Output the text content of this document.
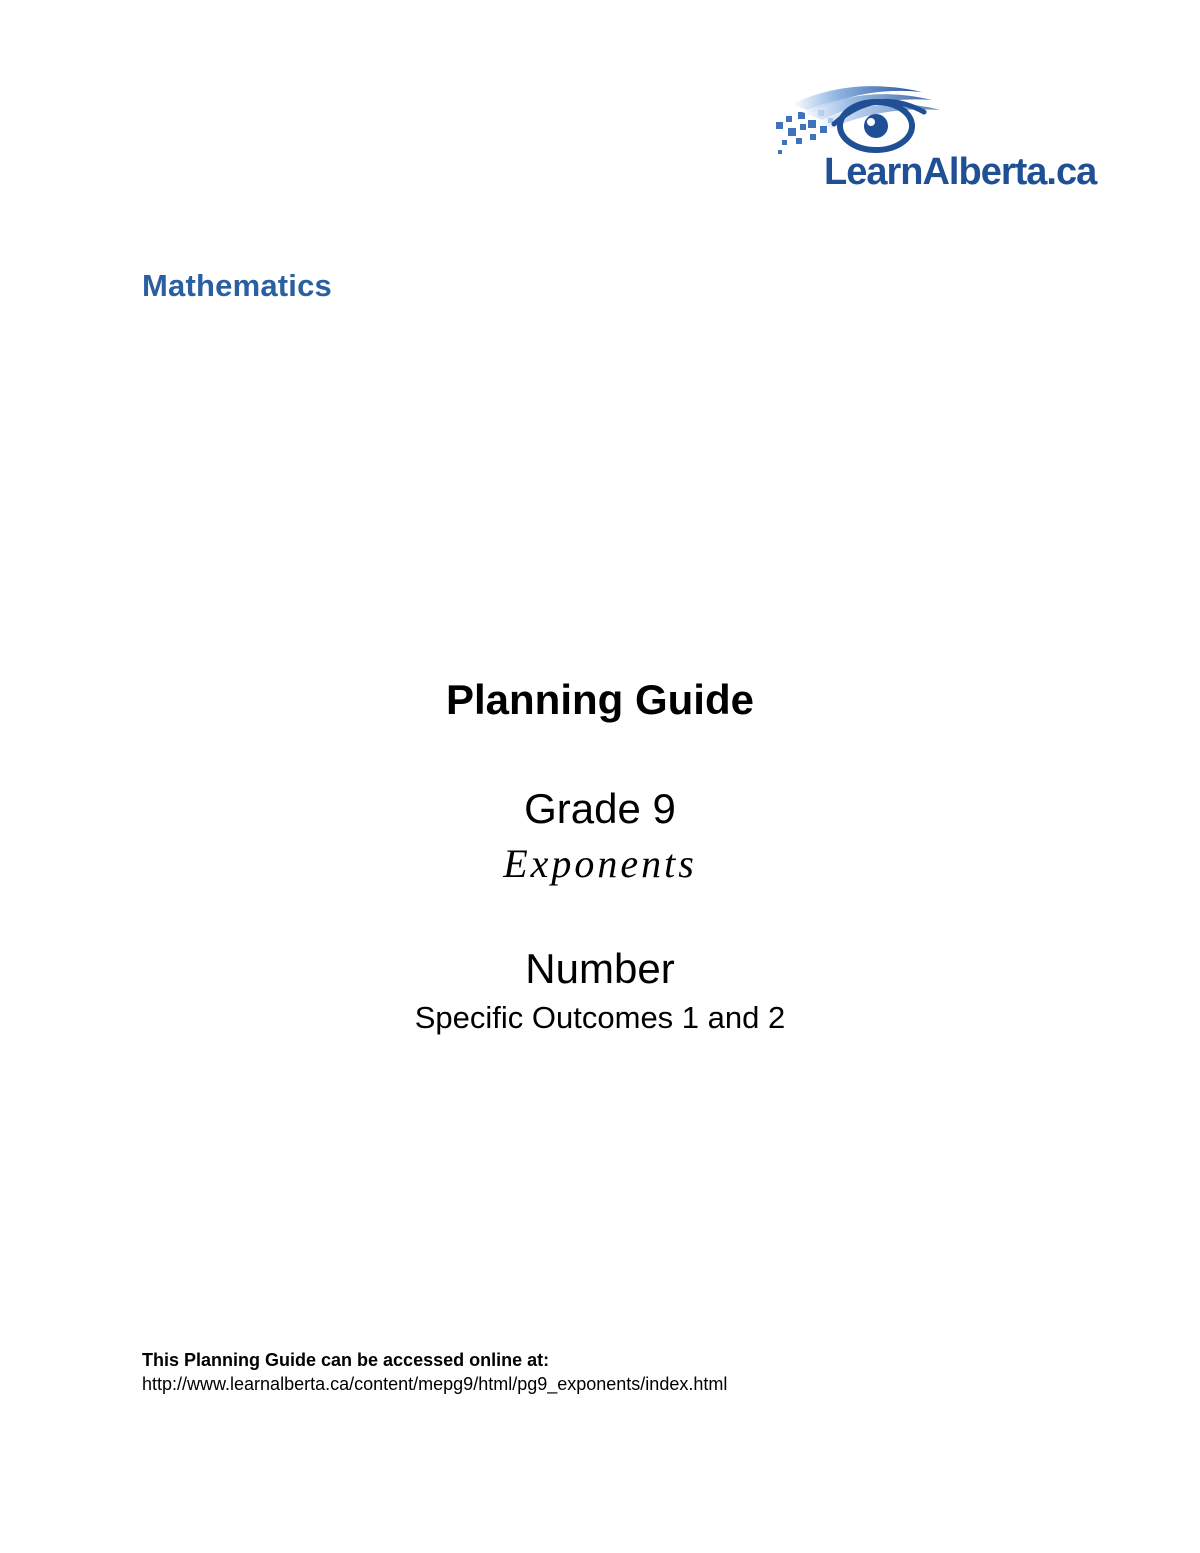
LearnAlberta.ca
Mathematics
Planning Guide
Grade 9
Exponents
Number
Specific Outcomes 1 and 2
This Planning Guide can be accessed online at:
http://www.learnalberta.ca/content/mepg9/html/pg9_exponents/index.html
